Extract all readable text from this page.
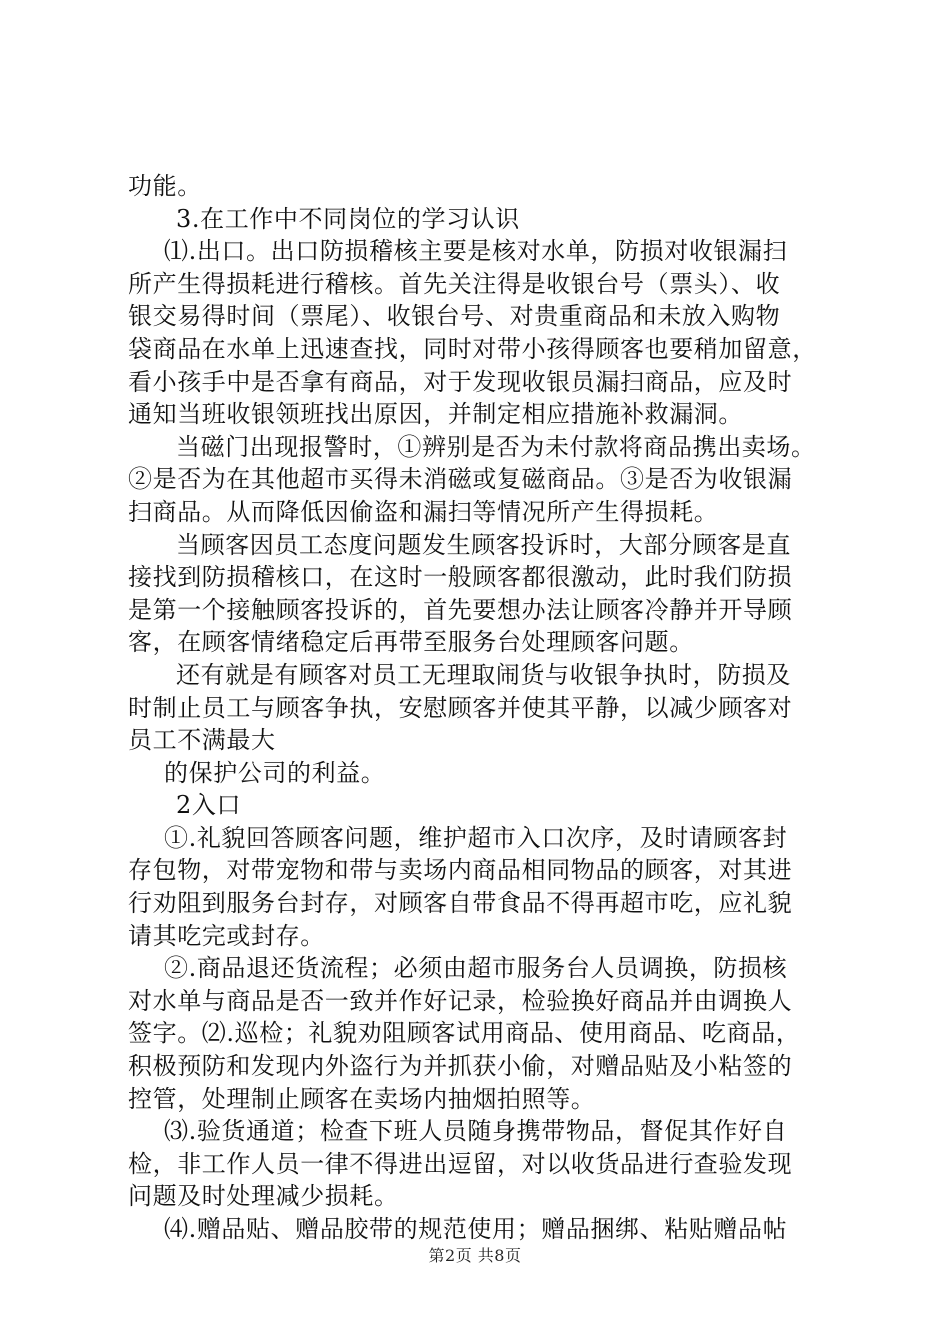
功能。
3.在工作中不同岗位的学习认识
⑴.出口。出口防损稽核主要是核对水单，防损对收银漏扫
所产生得损耗进行稽核。首先关注得是收银台号（票头）、收
银交易得时间（票尾）、收银台号、对贵重商品和未放入购物
袋商品在水单上迅速查找，同时对带小孩得顾客也要稍加留意，
看小孩手中是否拿有商品，对于发现收银员漏扫商品，应及时
通知当班收银领班找出原因，并制定相应措施补救漏洞。
当磁门出现报警时，①辨别是否为未付款将商品携出卖场。
②是否为在其他超市买得未消磁或复磁商品。③是否为收银漏
扫商品。从而降低因偷盗和漏扫等情况所产生得损耗。
当顾客因员工态度问题发生顾客投诉时，大部分顾客是直
接找到防损稽核口，在这时一般顾客都很激动，此时我们防损
是第一个接触顾客投诉的，首先要想办法让顾客冷静并开导顾
客，在顾客情绪稳定后再带至服务台处理顾客问题。
还有就是有顾客对员工无理取闹货与收银争执时，防损及
时制止员工与顾客争执，安慰顾客并使其平静，以减少顾客对
员工不满最大
的保护公司的利益。
2入口
①.礼貌回答顾客问题，维护超市入口次序，及时请顾客封
存包物，对带宠物和带与卖场内商品相同物品的顾客，对其进
行劝阻到服务台封存，对顾客自带食品不得再超市吃，应礼貌
请其吃完或封存。
②.商品退还货流程；必须由超市服务台人员调换，防损核
对水单与商品是否一致并作好记录，检验换好商品并由调换人
签字。⑵.巡检；礼貌劝阻顾客试用商品、使用商品、吃商品，
积极预防和发现内外盗行为并抓获小偷，对赠品贴及小粘签的
控管，处理制止顾客在卖场内抽烟拍照等。
⑶.验货通道；检查下班人员随身携带物品，督促其作好自
检，非工作人员一律不得进出逗留，对以收货品进行查验发现
问题及时处理减少损耗。
⑷.赠品贴、赠品胶带的规范使用；赠品捆绑、粘贴赠品帖
第2页 共8页
